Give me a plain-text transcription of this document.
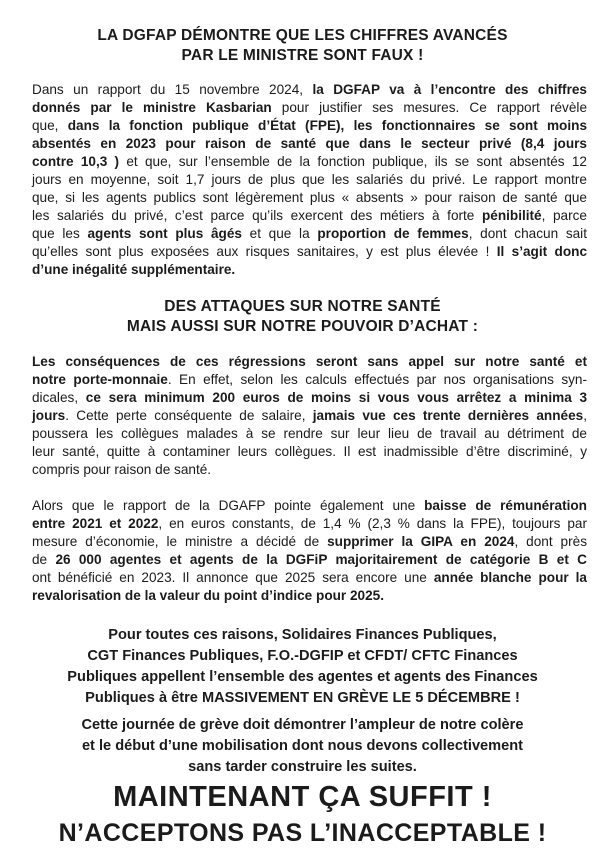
LA DGFAP DÉMONTRE QUE LES CHIFFRES AVANCÉS
PAR LE MINISTRE SONT FAUX !
Dans un rapport du 15 novembre 2024, la DGFAP va à l’encontre des chiffres
donnés par le ministre Kasbarian pour justifier ses mesures. Ce rapport révèle
que, dans la fonction publique d’État (FPE), les fonctionnaires se sont moins
absentés en 2023 pour raison de santé que dans le secteur privé (8,4 jours
contre 10,3 ) et que, sur l’ensemble de la fonction publique, ils se sont absentés 12
jours en moyenne, soit 1,7 jours de plus que les salariés du privé. Le rapport montre
que, si les agents publics sont légèrement plus « absents » pour raison de santé que
les salariés du privé, c’est parce qu’ils exercent des métiers à forte pénibilité, parce
que les agents sont plus âgés et que la proportion de femmes, dont chacun sait
qu’elles sont plus exposées aux risques sanitaires, y est plus élevée ! Il s’agit donc
d’une inégalité supplémentaire.
DES ATTAQUES SUR NOTRE SANTÉ
MAIS AUSSI SUR NOTRE POUVOIR D’ACHAT :
Les conséquences de ces régressions seront sans appel sur notre santé et
notre porte-monnaie. En effet, selon les calculs effectués par nos organisations syn-
dicales, ce sera minimum 200 euros de moins si vous vous arrêtez a minima 3
jours. Cette perte conséquente de salaire, jamais vue ces trente dernières années,
poussera les collègues malades à se rendre sur leur lieu de travail au détriment de
leur santé, quitte à contaminer leurs collègues. Il est inadmissible d’être discriminé, y
compris pour raison de santé.
Alors que le rapport de la DGAFP pointe également une baisse de rémunération
entre 2021 et 2022, en euros constants, de 1,4 % (2,3 % dans la FPE), toujours par
mesure d’économie, le ministre a décidé de supprimer la GIPA en 2024, dont près
de 26 000 agentes et agents de la DGFiP majoritairement de catégorie B et C
ont bénéficié en 2023. Il annonce que 2025 sera encore une année blanche pour la
revalorisation de la valeur du point d’indice pour 2025.
Pour toutes ces raisons, Solidaires Finances Publiques,
CGT Finances Publiques, F.O.-DGFIP et CFDT/ CFTC Finances
Publiques appellent l’ensemble des agentes et agents des Finances
Publiques à être MASSIVEMENT EN GRÈVE LE 5 DÉCEMBRE !
Cette journée de grève doit démontrer l’ampleur de notre colère
et le début d’une mobilisation dont nous devons collectivement
sans tarder construire les suites.
MAINTENANT ÇA SUFFIT !
N’ACCEPTONS PAS L’INACCEPTABLE !
